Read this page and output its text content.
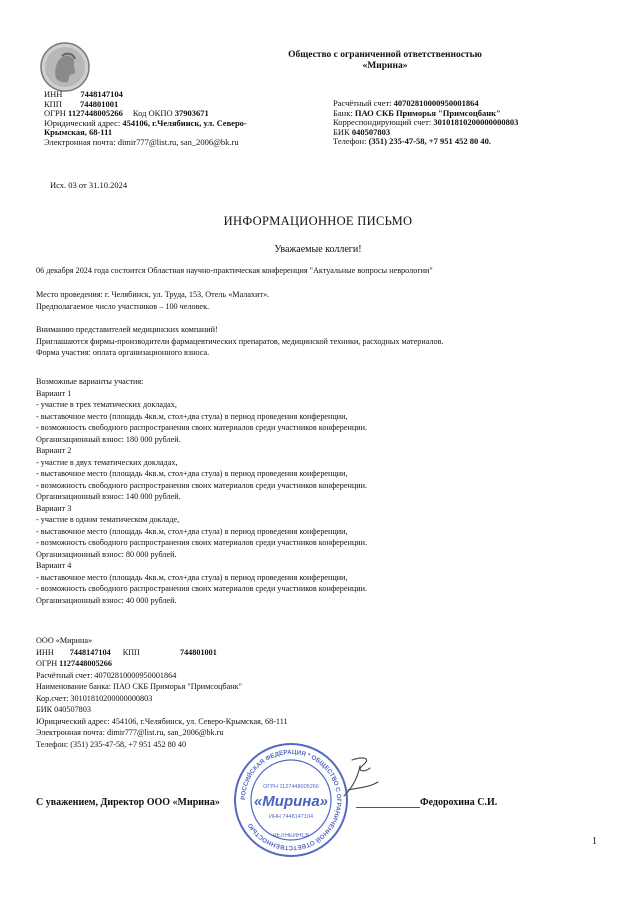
Общество с ограниченной ответственностью
«Мирина»
ИНН 7448147104
КПП 744801001
ОГРН 1127448005266 Код ОКПО 37903671
Юридический адрес: 454106, г.Челябинск, ул. Северо-
Крымская, 68-111
Электронная почта: dimir777@list.ru, san_2006@bk.ru
Расчётный счет: 40702810000950001864
Банк: ПАО СКБ Приморья "Примсоцбанк"
Корреспондирующий счет: 30101810200000000803
БИК 040507803
Телефон: (351) 235-47-58, +7 951 452 80 40.
Исх. 03 от 31.10.2024
ИНФОРМАЦИОННОЕ ПИСЬМО
Уважаемые коллеги!
06 декабря 2024 года состоится Областная научно-практическая конференция "Актуальные вопросы неврологии"
Место проведения: г. Челябинск, ул. Труда, 153, Отель «Малахит».
Предполагаемое число участников – 100 человек.
Вниманию представителей медицинских компаний!
Приглашаются фирмы-производители фармацевтических препаратов, медицинской техники, расходных материалов.
Форма участия: оплата организационного взноса.
Возможные варианты участия:
Вариант 1
- участие в трех тематических докладах,
- выставочное место (площадь 4кв.м, стол+два стула) в период проведения конференции,
- возможность свободного распространения своих материалов среди участников конференции.
Организационный взнос: 180 000 рублей.
Вариант 2
- участие в двух тематических докладах,
- выставочное место (площадь 4кв.м, стол+два стула) в период проведения конференции,
- возможность свободного распространения своих материалов среди участников конференции.
Организационный взнос: 140 000 рублей.
Вариант 3
- участие в одном тематическом докладе,
- выставочное место (площадь 4кв.м, стол+два стула) в период проведения конференции,
- возможность свободного распространения своих материалов среди участников конференции.
Организационный взнос: 80 000 рублей.
Вариант 4
- выставочное место (площадь 4кв.м, стол+два стула) в период проведения конференции,
- возможность свободного распространения своих материалов среди участников конференции.
Организационный взнос: 40 000 рублей.
ООО «Мирина»
ИНН 7448147104 КПП	744801001
ОГРН 1127448005266
Расчётный счет: 40702810000950001864
Наименование банка: ПАО СКБ Приморья "Примсоцбанк"
Кор.счет: 30101810200000000803
БИК 040507803
Юрицический адрес: 454106, г.Челябинск, ул. Северо-Крымская, 68-111
Электронная почта: dimir777@list.ru, san_2006@bk.ru
Телефон: (351) 235-47-58, +7 951 452 80 40
С уважением, Директор ООО «Мирина»	Федорохина С.И.
РОССИЙСКАЯ ФЕДЕРАЦИЯ * ОБЩЕСТВО С ОГРАНИЧЕННОЙ ОТВЕТСТВЕННОСТЬЮ
ОГРН 1127448005266
«Мирина»
ИНН 7448147104
ЧЕЛЯБИНСК	1
